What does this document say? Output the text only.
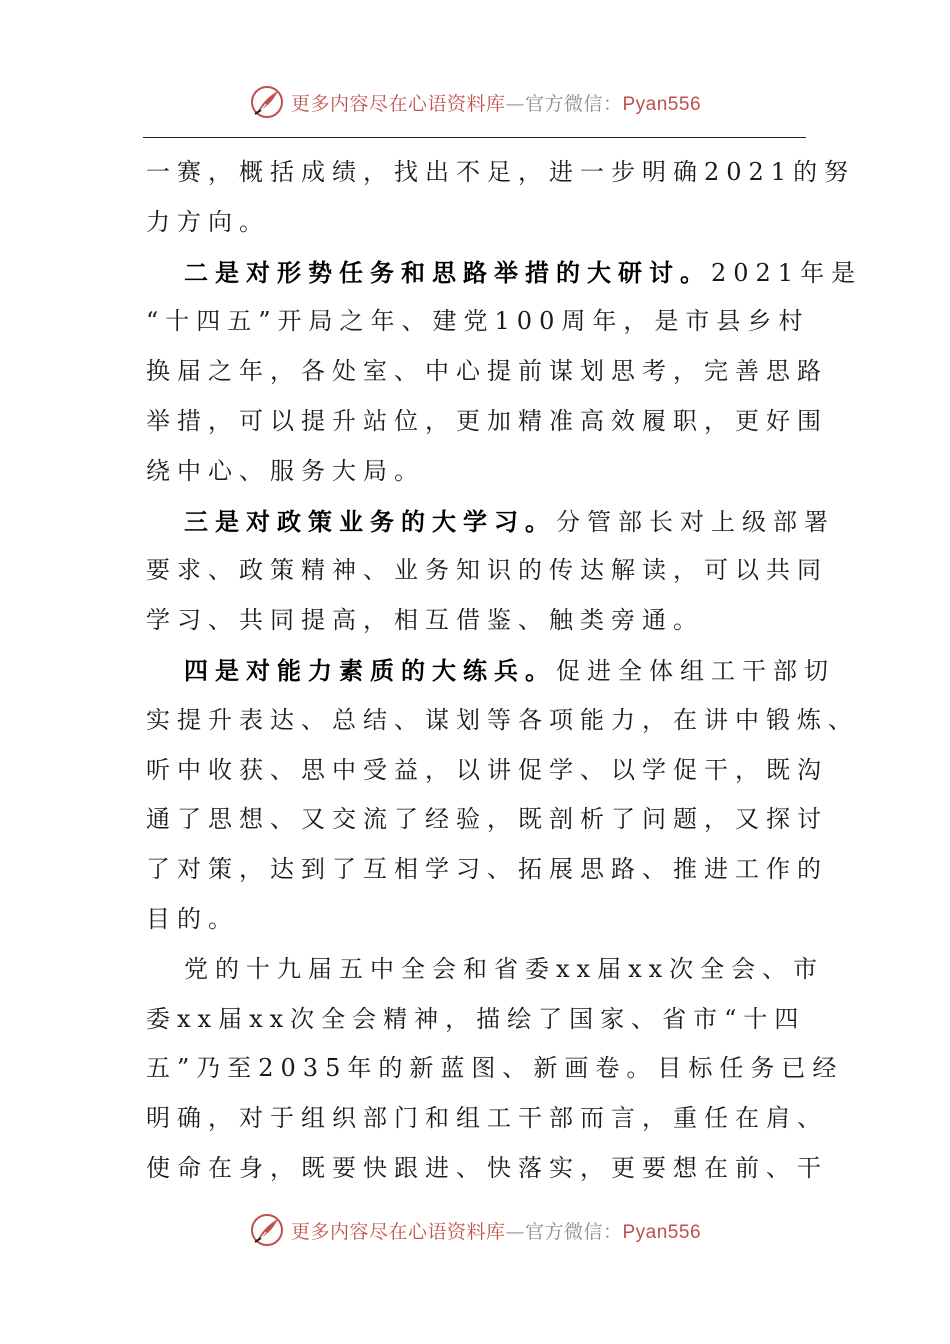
更多内容尽在心语资料库—官方微信：Pyan556
一赛，概括成绩，找出不足，进一步明确2021的努
力方向。
二是对形势任务和思路举措的大研讨。2021年是
“十四五”开局之年、建党100周年，是市县乡村
换届之年，各处室、中心提前谋划思考，完善思路
举措，可以提升站位，更加精准高效履职，更好围
绕中心、服务大局。
三是对政策业务的大学习。分管部长对上级部署
要求、政策精神、业务知识的传达解读，可以共同
学习、共同提高，相互借鉴、触类旁通。
四是对能力素质的大练兵。促进全体组工干部切
实提升表达、总结、谋划等各项能力，在讲中锻炼、
听中收获、思中受益，以讲促学、以学促干，既沟
通了思想、又交流了经验，既剖析了问题，又探讨
了对策，达到了互相学习、拓展思路、推进工作的
目的。
党的十九届五中全会和省委xx届xx次全会、市
委xx届xx次全会精神，描绘了国家、省市“十四
五”乃至2035年的新蓝图、新画卷。目标任务已经
明确，对于组织部门和组工干部而言，重任在肩、
使命在身，既要快跟进、快落实，更要想在前、干
更多内容尽在心语资料库—官方微信：Pyan556
